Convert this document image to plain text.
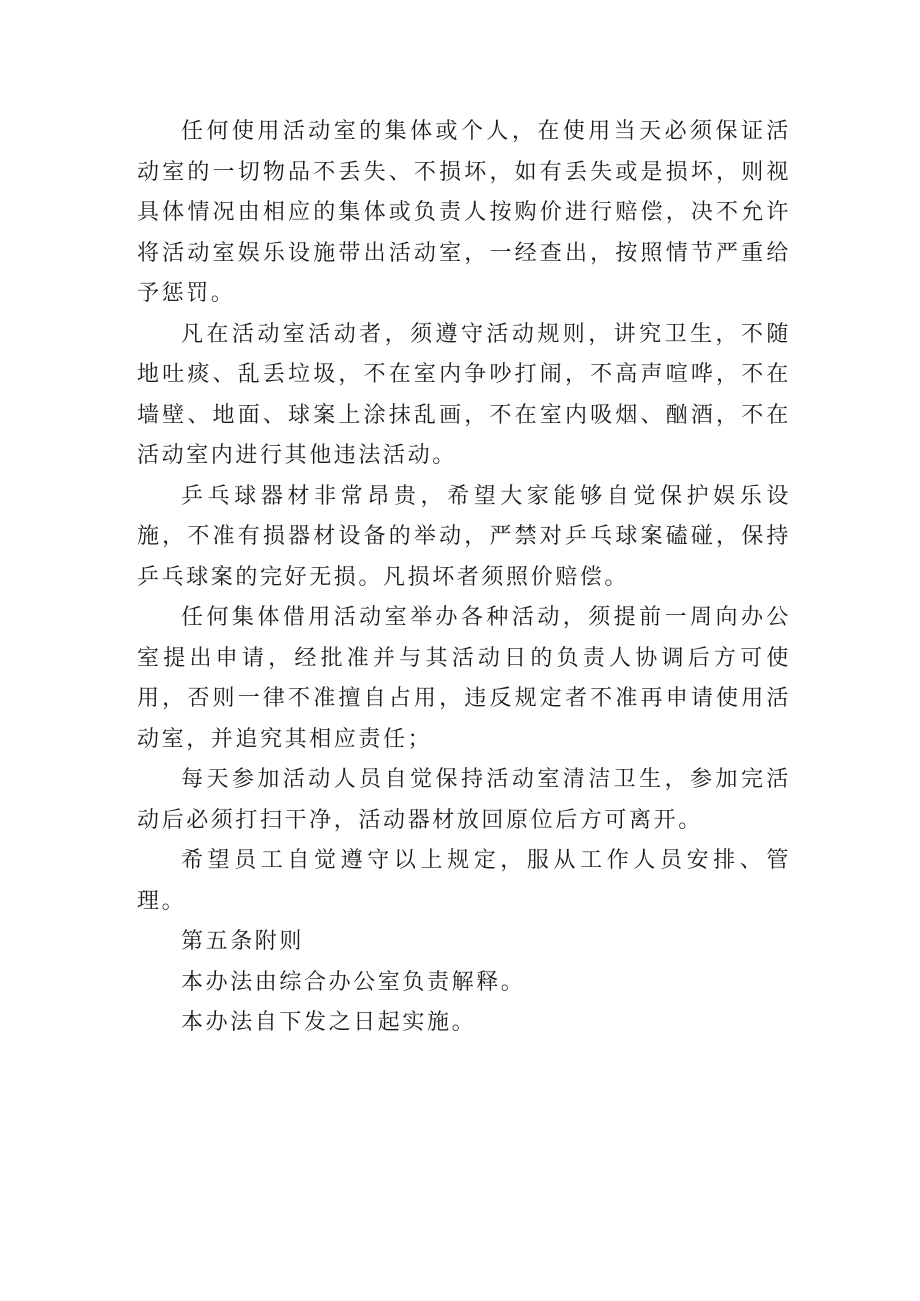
任何使用活动室的集体或个人，在使用当天必须保证活动室的一切物品不丢失、不损坏，如有丢失或是损坏，则视具体情况由相应的集体或负责人按购价进行赔偿，决不允许将活动室娱乐设施带出活动室，一经查出，按照情节严重给予惩罚。

凡在活动室活动者，须遵守活动规则，讲究卫生，不随地吐痰、乱丢垃圾，不在室内争吵打闹，不高声喧哗，不在墙壁、地面、球案上涂抹乱画，不在室内吸烟、酗酒，不在活动室内进行其他违法活动。

乒乓球器材非常昂贵，希望大家能够自觉保护娱乐设施，不准有损器材设备的举动，严禁对乒乓球案磕碰，保持乒乓球案的完好无损。凡损坏者须照价赔偿。

任何集体借用活动室举办各种活动，须提前一周向办公室提出申请，经批准并与其活动日的负责人协调后方可使用，否则一律不准擅自占用，违反规定者不准再申请使用活动室，并追究其相应责任；

每天参加活动人员自觉保持活动室清洁卫生，参加完活动后必须打扫干净，活动器材放回原位后方可离开。

希望员工自觉遵守以上规定，服从工作人员安排、管理。

第五条附则

本办法由综合办公室负责解释。

本办法自下发之日起实施。
